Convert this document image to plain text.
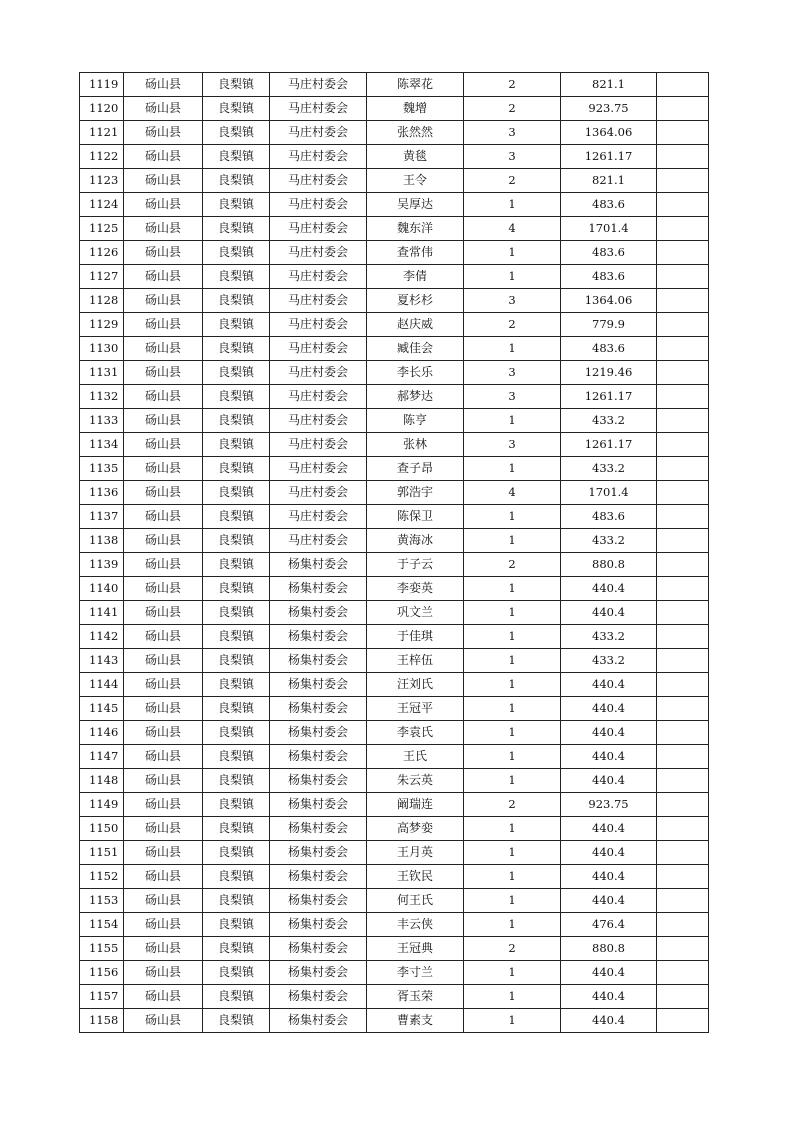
1119	砀山县	良梨镇	马庄村委会	陈翠花	2	821.1	
1120	砀山县	良梨镇	马庄村委会	魏增	2	923.75	
1121	砀山县	良梨镇	马庄村委会	张然然	3	1364.06	
1122	砀山县	良梨镇	马庄村委会	黄毯	3	1261.17	
1123	砀山县	良梨镇	马庄村委会	王令	2	821.1	
1124	砀山县	良梨镇	马庄村委会	吴厚达	1	483.6	
1125	砀山县	良梨镇	马庄村委会	魏东洋	4	1701.4	
1126	砀山县	良梨镇	马庄村委会	查常伟	1	483.6	
1127	砀山县	良梨镇	马庄村委会	李倩	1	483.6	
1128	砀山县	良梨镇	马庄村委会	夏杉杉	3	1364.06	
1129	砀山县	良梨镇	马庄村委会	赵庆威	2	779.9	
1130	砀山县	良梨镇	马庄村委会	臧佳会	1	483.6	
1131	砀山县	良梨镇	马庄村委会	李长乐	3	1219.46	
1132	砀山县	良梨镇	马庄村委会	郝梦达	3	1261.17	
1133	砀山县	良梨镇	马庄村委会	陈亨	1	433.2	
1134	砀山县	良梨镇	马庄村委会	张林	3	1261.17	
1135	砀山县	良梨镇	马庄村委会	查子昂	1	433.2	
1136	砀山县	良梨镇	马庄村委会	郭浩宇	4	1701.4	
1137	砀山县	良梨镇	马庄村委会	陈保卫	1	483.6	
1138	砀山县	良梨镇	马庄村委会	黄海冰	1	433.2	
1139	砀山县	良梨镇	杨集村委会	于子云	2	880.8	
1140	砀山县	良梨镇	杨集村委会	李娈英	1	440.4	
1141	砀山县	良梨镇	杨集村委会	巩文兰	1	440.4	
1142	砀山县	良梨镇	杨集村委会	于佳琪	1	433.2	
1143	砀山县	良梨镇	杨集村委会	王梓伍	1	433.2	
1144	砀山县	良梨镇	杨集村委会	汪刘氏	1	440.4	
1145	砀山县	良梨镇	杨集村委会	王冠平	1	440.4	
1146	砀山县	良梨镇	杨集村委会	李袁氏	1	440.4	
1147	砀山县	良梨镇	杨集村委会	王氏	1	440.4	
1148	砀山县	良梨镇	杨集村委会	朱云英	1	440.4	
1149	砀山县	良梨镇	杨集村委会	阚瑞连	2	923.75	
1150	砀山县	良梨镇	杨集村委会	高梦娈	1	440.4	
1151	砀山县	良梨镇	杨集村委会	王月英	1	440.4	
1152	砀山县	良梨镇	杨集村委会	王钦民	1	440.4	
1153	砀山县	良梨镇	杨集村委会	何王氏	1	440.4	
1154	砀山县	良梨镇	杨集村委会	丰云侠	1	476.4	
1155	砀山县	良梨镇	杨集村委会	王冠典	2	880.8	
1156	砀山县	良梨镇	杨集村委会	李寸兰	1	440.4	
1157	砀山县	良梨镇	杨集村委会	胥玉荣	1	440.4	
1158	砀山县	良梨镇	杨集村委会	曹素支	1	440.4	
